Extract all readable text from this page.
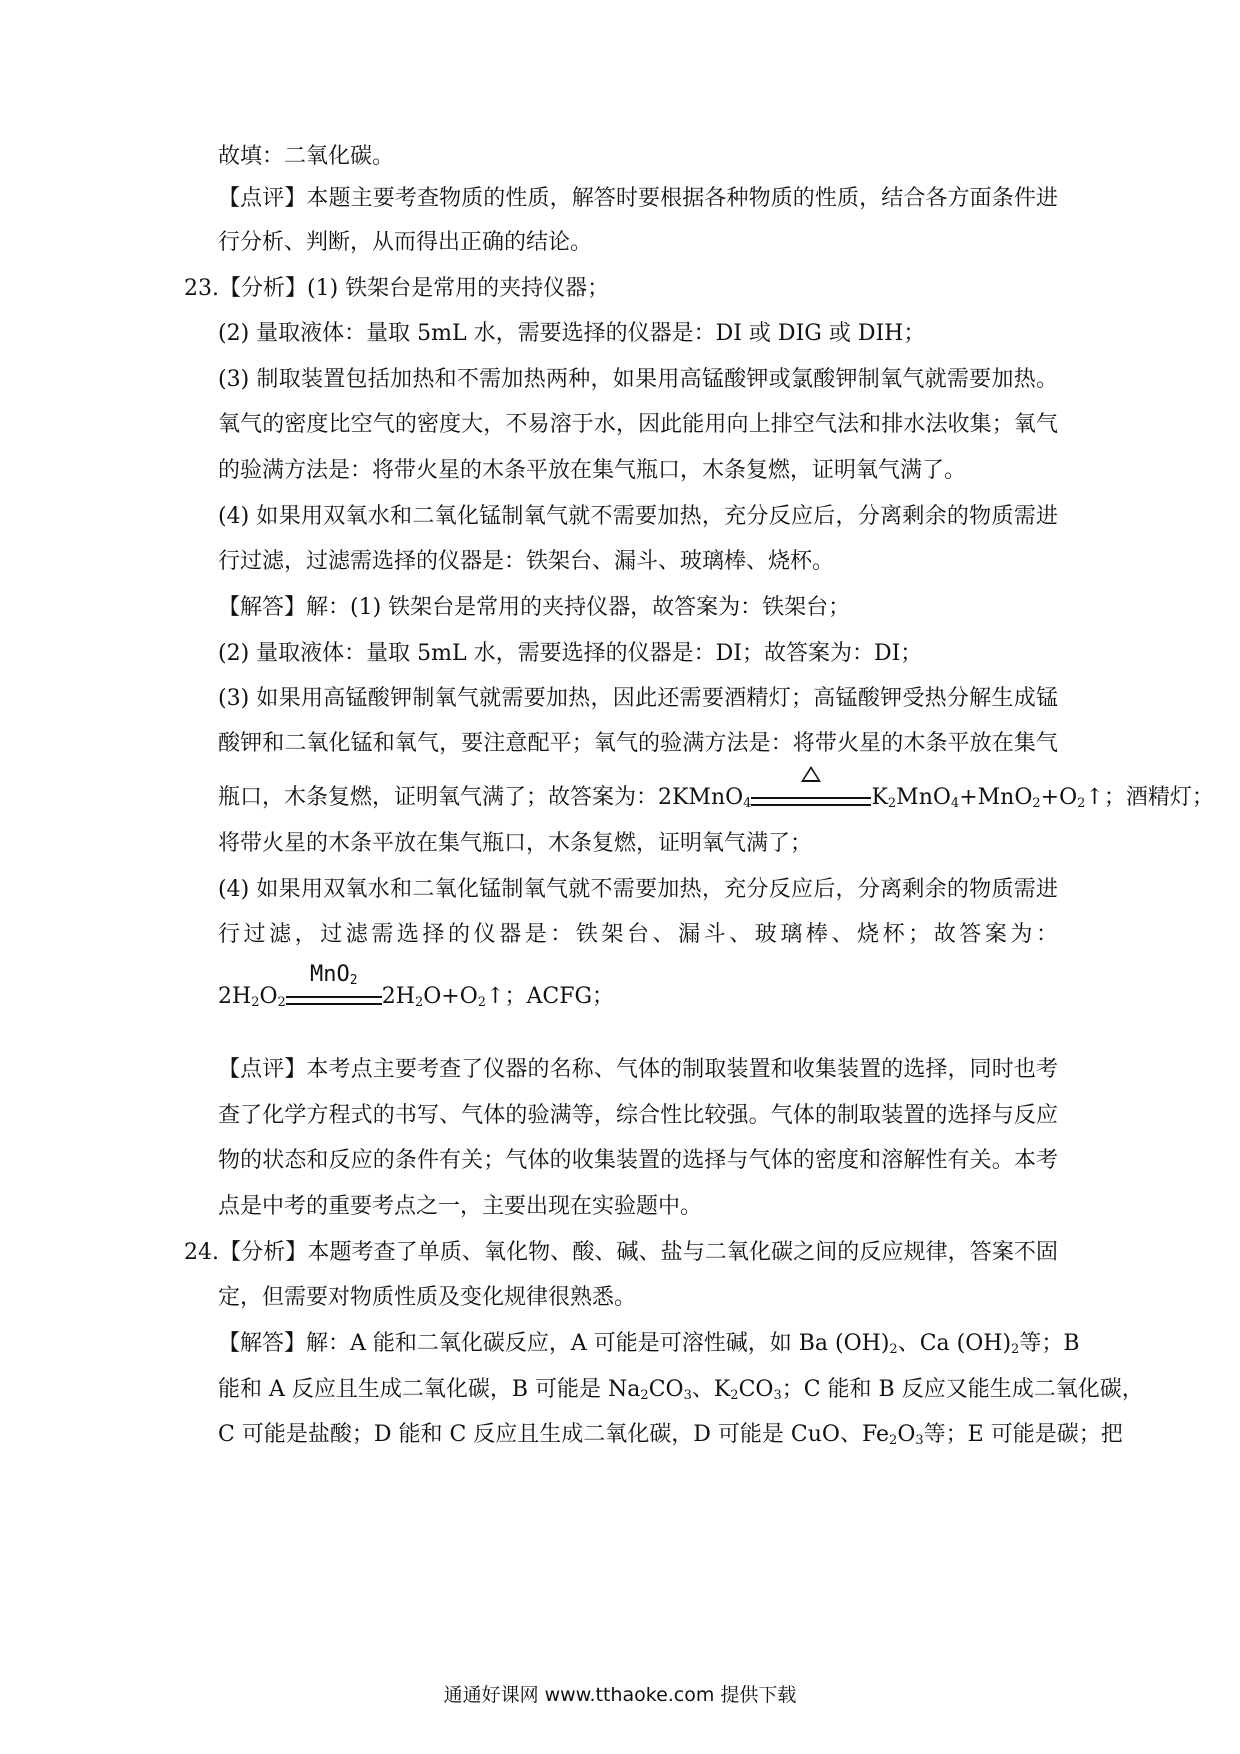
故填：二氧化碳。
【点评】本题主要考查物质的性质，解答时要根据各种物质的性质，结合各方面条件进
行分析、判断，从而得出正确的结论。
23.【分析】(1) 铁架台是常用的夹持仪器；
(2) 量取液体：量取 5mL 水，需要选择的仪器是：DI 或 DIG 或 DIH；
(3) 制取装置包括加热和不需加热两种，如果用高锰酸钾或氯酸钾制氧气就需要加热。
氧气的密度比空气的密度大，不易溶于水，因此能用向上排空气法和排水法收集；氧气
的验满方法是：将带火星的木条平放在集气瓶口，木条复燃，证明氧气满了。
(4) 如果用双氧水和二氧化锰制氧气就不需要加热，充分反应后，分离剩余的物质需进
行过滤，过滤需选择的仪器是：铁架台、漏斗、玻璃棒、烧杯。
【解答】解：(1) 铁架台是常用的夹持仪器，故答案为：铁架台；
(2) 量取液体：量取 5mL 水，需要选择的仪器是：DI；故答案为：DI；
(3) 如果用高锰酸钾制氧气就需要加热，因此还需要酒精灯；高锰酸钾受热分解生成锰
酸钾和二氧化锰和氧气，要注意配平；氧气的验满方法是：将带火星的木条平放在集气
瓶口，木条复燃，证明氧气满了；故答案为：2KMnO$_4$	$K_2MnO_4+MnO_2+O_2↑$；酒精灯；
将带火星的木条平放在集气瓶口，木条复燃，证明氧气满了；
(4) 如果用双氧水和二氧化锰制氧气就不需要加热，充分反应后，分离剩余的物质需进
行过滤，过滤需选择的仪器是：铁架台、漏斗、玻璃棒、烧杯；故答案为：
$2H_2O_2$
MnO$_2$
$2H_2O+O_2↑$；ACFG；
【点评】本考点主要考查了仪器的名称、气体的制取装置和收集装置的选择，同时也考
查了化学方程式的书写、气体的验满等，综合性比较强。气体的制取装置的选择与反应
物的状态和反应的条件有关；气体的收集装置的选择与气体的密度和溶解性有关。本考
点是中考的重要考点之一，主要出现在实验题中。
24.【分析】本题考查了单质、氧化物、酸、碱、盐与二氧化碳之间的反应规律，答案不固
定，但需要对物质性质及变化规律很熟悉。
【解答】解：A 能和二氧化碳反应，A 可能是可溶性碱，如 Ba $(OH)_2$、Ca $(OH)_2$等；B
能和 A 反应且生成二氧化碳，B 可能是 $Na_2CO_3$、$K_2CO_3$；C 能和 B 反应又能生成二氧化碳，
C 可能是盐酸；D 能和 C 反应且生成二氧化碳，D 可能是 CuO、$Fe_2O_3$等；E 可能是碳；把
通通好课网 www.tthaoke.com 提供下载
